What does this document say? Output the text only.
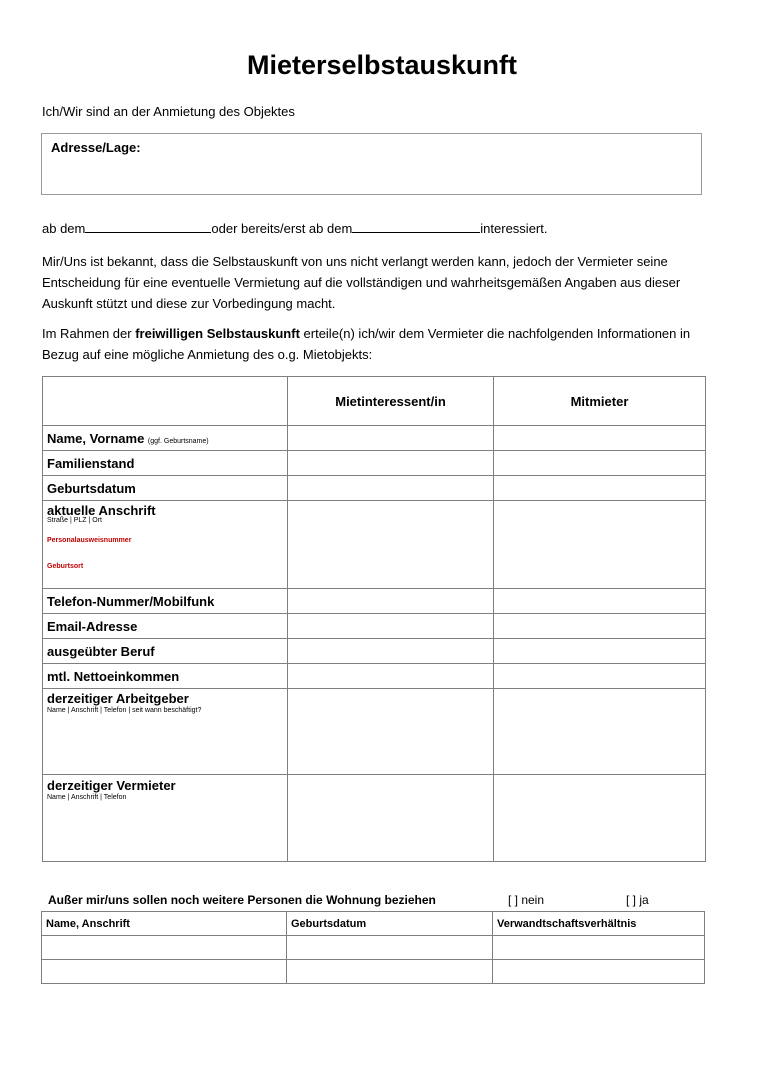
Mieterselbstauskunft
Ich/Wir sind an der Anmietung des Objektes
Adresse/Lage:
ab dem	oder bereits/erst ab dem	interessiert.
Mir/Uns ist bekannt, dass die Selbstauskunft von uns nicht verlangt werden kann, jedoch der Vermieter seine Entscheidung für eine eventuelle Vermietung auf die vollständigen und wahrheitsgemäßen Angaben aus dieser Auskunft stützt und diese zur Vorbedingung macht.
Im Rahmen der freiwilligen Selbstauskunft erteile(n) ich/wir dem Vermieter die nachfolgenden Informationen in Bezug auf eine mögliche Anmietung des o.g. Mietobjekts:
	Mietinteressent/in	Mitmieter

Name, Vorname (ggf. Geburtsname)		

Familienstand		

Geburtsdatum		

aktuelle Anschrift
Straße | PLZ | Ort
Personalausweisnummer
Geburtsort		

Telefon-Nummer/Mobilfunk		

Email-Adresse		

ausgeübter Beruf		

mtl. Nettoeinkommen		

derzeitiger Arbeitgeber
Name | Anschrift | Telefon | seit wann beschäftigt?		

derzeitiger Vermieter
Name | Anschrift | Telefon		

Außer mir/uns sollen noch weitere Personen die Wohnung beziehen	[ ] nein	[ ] ja
Name, Anschrift	Geburtsdatum	Verwandtschaftsverhältnis
